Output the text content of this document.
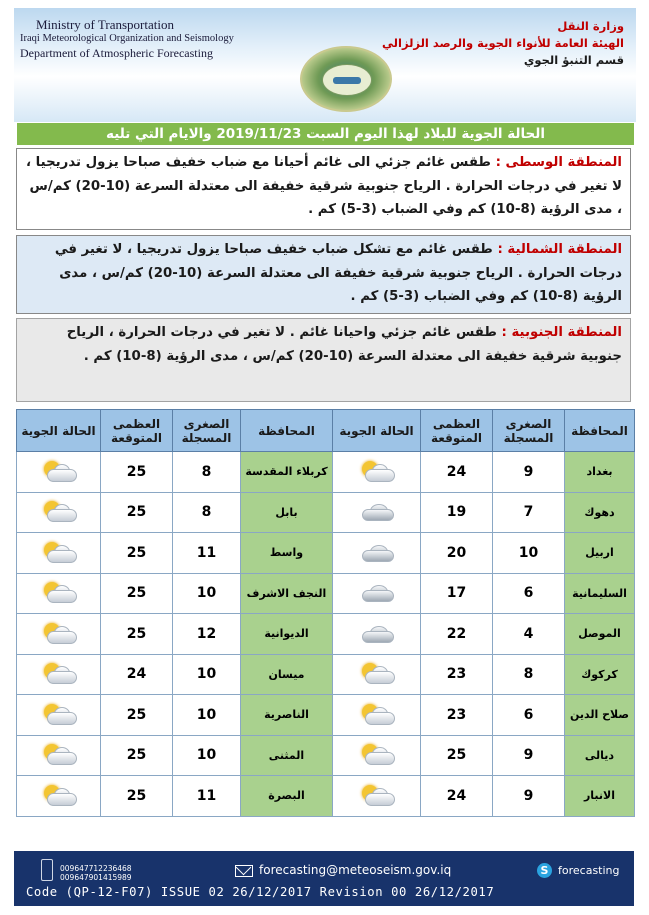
Ministry of Transportation
Iraqi Meteorological Organization and Seismology
Department of Atmospheric Forecasting
وزارة النقل
الهيئة العامة للأنواء الجوية والرصد الزلزالي
قسم التنبؤ الجوي
الحالة الجوية للبلاد لهذا اليوم السبت 2019/11/23 والايام التي تليه

المنطقة الوسطى : طقس غائم جزئي الى غائم أحيانا مع ضباب خفيف صباحا يزول تدريجيا ، لا تغير في درجات الحرارة . الرياح جنوبية شرقية خفيفة الى معتدلة السرعة (10-20) كم/س ، مدى الرؤية (8-10) كم وفي الضباب (3-5) كم .

المنطقة الشمالية : طقس غائم مع تشكل ضباب خفيف صباحا يزول تدريجيا ، لا تغير في درجات الحرارة . الرياح جنوبية شرقية خفيفة الى معتدلة السرعة (10-20) كم/س ، مدى الرؤية (8-10) كم وفي الضباب (3-5) كم .

المنطقة الجنوبية : طقس غائم جزئي واحيانا غائم . لا تغير في درجات الحرارة ، الرياح جنوبية شرقية خفيفة الى معتدلة السرعة (10-20) كم/س ، مدى الرؤية (8-10) كم .

المحافظة	الصغرى المسجلة	العظمى المتوقعة	الحالة الجوية	المحافظة	الصغرى المسجلة	العظمى المتوقعة	الحالة الجوية
بغداد	9	24		كربلاء المقدسة	8	25	

دهوك	7	19		بابل	8	25	

اربيل	10	20		واسط	11	25	

السليمانية	6	17		النجف الاشرف	10	25	

الموصل	4	22		الديوانية	12	25	

كركوك	8	23		ميسان	10	24	

صلاح الدين	6	23		الناصرية	10	25	

ديالى	9	25		المثنى	10	25	

الانبار	9	24		البصرة	11	25	
009647712236468
009647901415989
forecasting@meteoseism.gov.iq	S forecasting
Code (QP-12-F07) ISSUE 02 26/12/2017 Revision 00 26/12/2017
